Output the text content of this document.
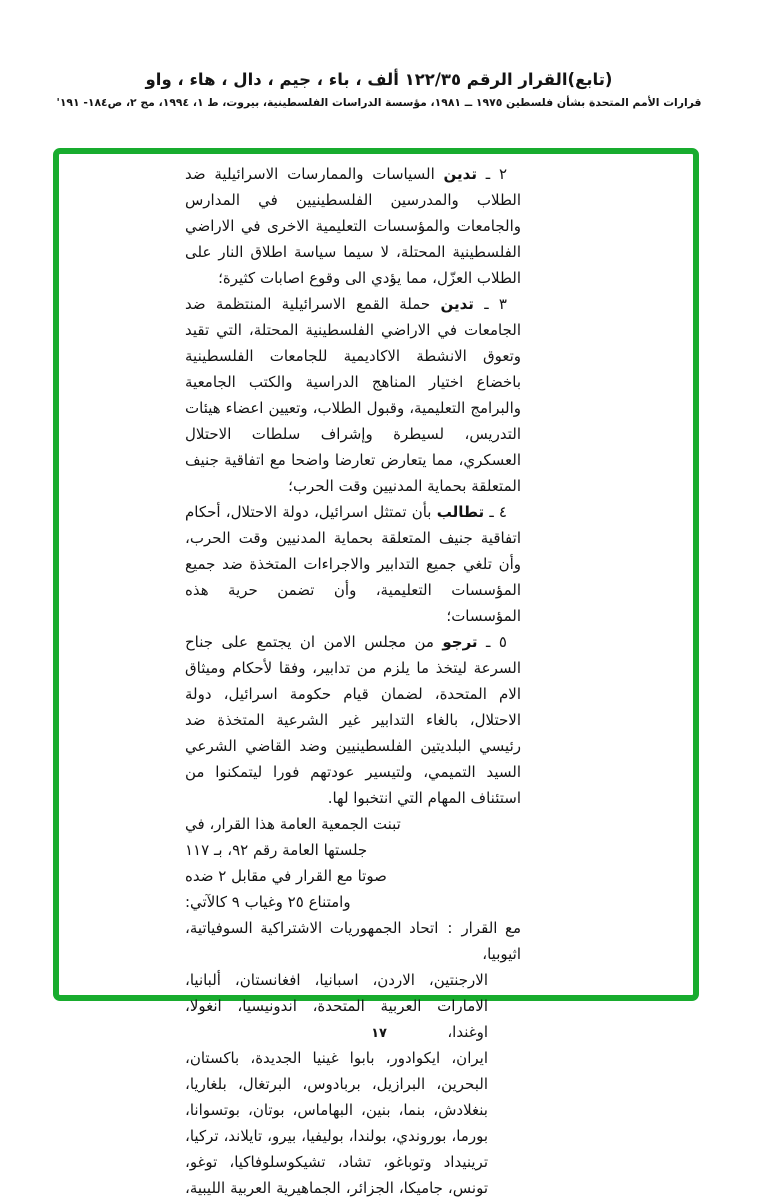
(تابع)القرار الرقم ١٢٢/٣٥ ألف ، باء ، جيم ، دال ، هاء ، واو
قرارات الأمم المتحدة بشأن فلسطين ١٩٧٥ ــ ١٩٨١، مؤسسة الدراسات الفلسطينية، بيروت، ط ١، ١٩٩٤، مج ٢، ص١٨٤- ١٩١'

٢ ـ تدين السياسات والممارسات الاسرائيلية ضد الطلاب والمدرسين الفلسطينيين في المدارس والجامعات والمؤسسات التعليمية الاخرى في الاراضي الفلسطينية المحتلة، لا سيما سياسة اطلاق النار على الطلاب العزّل، مما يؤدي الى وقوع اصابات كثيرة؛

٣ ـ تدين حملة القمع الاسرائيلية المنتظمة ضد الجامعات في الاراضي الفلسطينية المحتلة، التي تقيد وتعوق الانشطة الاكاديمية للجامعات الفلسطينية باخضاع اختيار المناهج الدراسية والكتب الجامعية والبرامج التعليمية، وقبول الطلاب، وتعيين اعضاء هيئات التدريس، لسيطرة وإشراف سلطات الاحتلال العسكري، مما يتعارض تعارضا واضحا مع اتفاقية جنيف المتعلقة بحماية المدنيين وقت الحرب؛

٤ ـ تطالب بأن تمتثل اسرائيل، دولة الاحتلال، أحكام اتفاقية جنيف المتعلقة بحماية المدنيين وقت الحرب، وأن تلغي جميع التدابير والاجراءات المتخذة ضد جميع المؤسسات التعليمية، وأن تضمن حرية هذه المؤسسات؛

٥ ـ ترجو من مجلس الامن ان يجتمع على جناح السرعة ليتخذ ما يلزم من تدابير، وفقا لأحكام وميثاق الام المتحدة، لضمان قيام حكومة اسرائيل، دولة الاحتلال، بالغاء التدابير غير الشرعية المتخذة ضد رئيسي البلديتين الفلسطينيين وضد القاضي الشرعي السيد التميمي، ولتيسير عودتهم فورا ليتمكنوا من استئناف المهام التي انتخبوا لها.

تبنت الجمعية العامة هذا القرار، في
جلستها العامة رقم ٩٢، بـ ١١٧
صوتا مع القرار في مقابل ٢ ضده
وامتناع ٢٥ وغياب ٩ كالآتي:
مع القرار:اتحاد الجمهوريات الاشتراكية السوفياتية، اثيوبيا،
الارجنتين، الاردن، اسبانيا، افغانستان، ألبانيا،
الامارات العربية المتحدة، اندونيسيا، انغولا، اوغندا،
ايران، ايكوادور، بابوا غينيا الجديدة، باكستان،
البحرين، البرازيل، بربادوس، البرتغال، بلغاريا،
بنغلادش، بنما، بنين، البهاماس، بوتان، بوتسوانا،
بورما، بوروندي، بولندا، بوليفيا، بيرو، تايلاند، تركيا،
ترينيداد وتوباغو، تشاد، تشيكوسلوفاكيا، توغو،
تونس، جاميكا، الجزائر، الجماهيرية العربية الليبية،
١٧
